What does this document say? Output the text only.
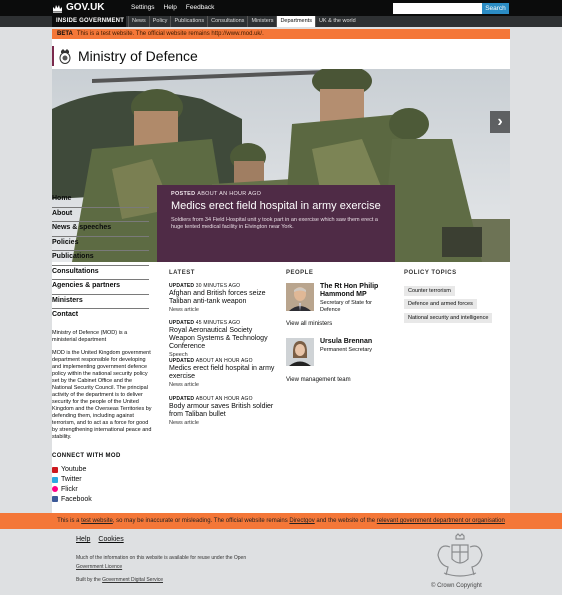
GOV.UK	Settings Help Feedback	Search
INSIDE GOVERNMENT	News	Policy	Publications	Consultations	Ministers	Departments	UK & the world
BETA This is a test website. The official website remains http://www.mod.uk/.
Ministry of Defence
›
POSTED ABOUT AN HOUR AGO
Medics erect field hospital in army exercise
Soldiers from 34 Field Hospital unit y took part in an exercise which saw them erect a huge tented medical facility in Elvington near York.
Home
About
News & speeches
Policies
Publications
Consultations
Agencies & partners
Ministers
Contact

Ministry of Defence (MOD) is a ministerial department

MOD is the United Kingdom government department responsible for developing and implementing government defence policy within the national security policy set by the Cabinet Office and the National Security Council. The principal activity of the department is to deliver security for the people of the United Kingdom and the Overseas Territories by defending them, including against terrorism, and to act as a force for good by strengthening international peace and stability.

CONNECT WITH MOD
Youtube
Twitter
Flickr
Facebook
LATEST
UPDATED 30 MINUTES AGO
Afghan and British forces seize Taliban anti-tank weapon
News article
UPDATED 45 MINUTES AGO
Royal Aeronautical Society Weapon Systems & Technology Conference
Speech
UPDATED ABOUT AN HOUR AGO
Medics erect field hospital in army exercise
News article
UPDATED ABOUT AN HOUR AGO
Body armour saves British soldier from Taliban bullet
News article
PEOPLE
The Rt Hon Philip Hammond MP
Secretary of State for Defence
View all ministers
Ursula Brennan
Permanent Secretary
View management team
POLICY TOPICS
Counter terrorism
Defence and armed forces
National security and intelligence
This is a test website, so may be inaccurate or misleading. The official website remains Directgov and the website of the relevant government department or organisation
Help Cookies
Much of the information on this website is available for reuse under the Open
Government Licence
Built by the Government Digital Service
© Crown Copyright
